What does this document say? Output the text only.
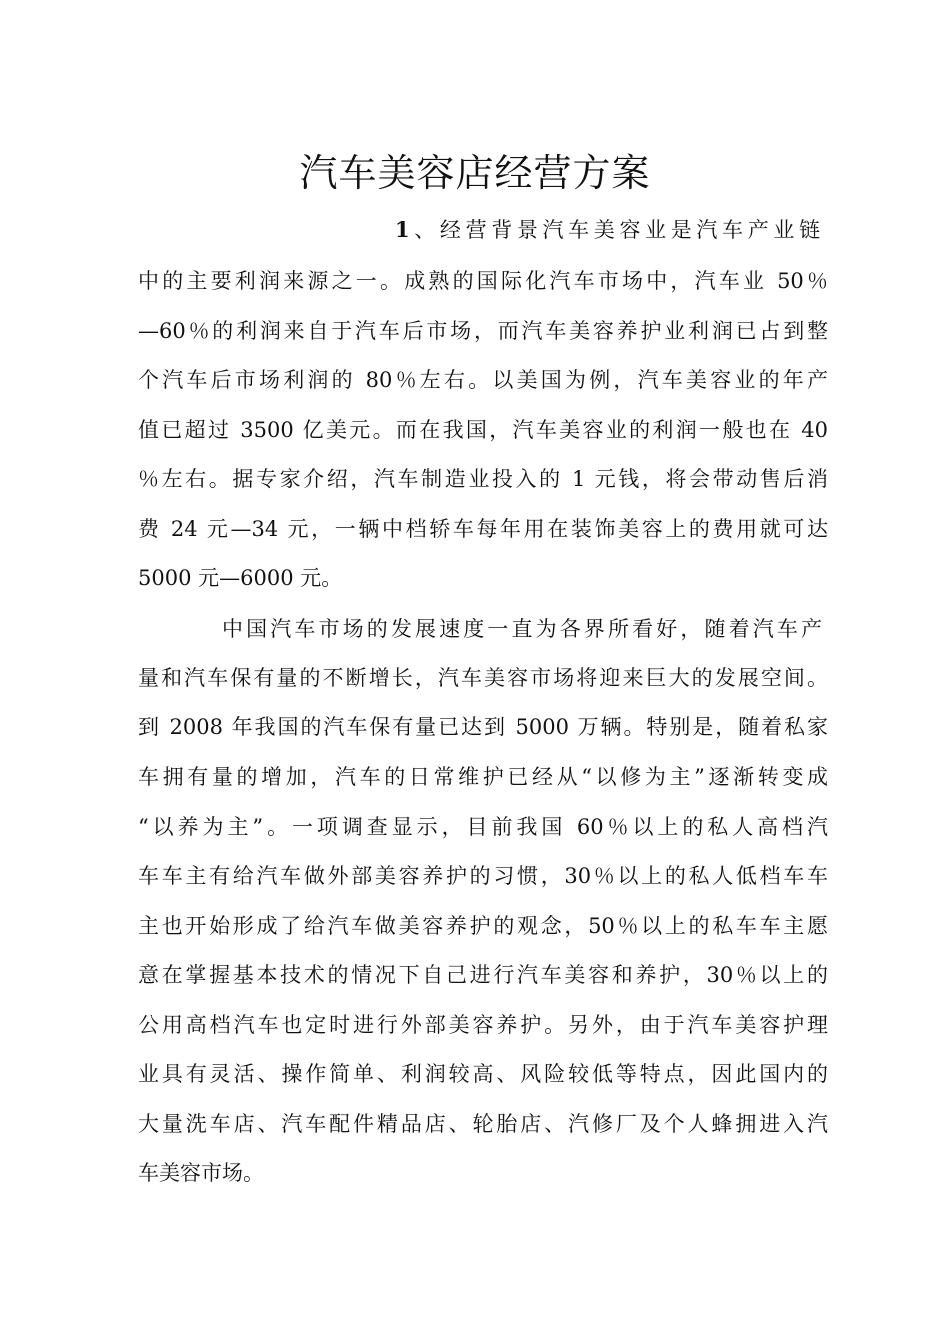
汽车美容店经营方案
1、经营背景汽车美容业是汽车产业链
中的主要利润来源之一。成熟的国际化汽车市场中，汽车业 50％
—60％的利润来自于汽车后市场，而汽车美容养护业利润已占到整
个汽车后市场利润的 80％左右。以美国为例，汽车美容业的年产
值已超过 3500 亿美元。而在我国，汽车美容业的利润一般也在 40
％左右。据专家介绍，汽车制造业投入的 1 元钱，将会带动售后消
费 24 元—34 元，一辆中档轿车每年用在装饰美容上的费用就可达
5000 元—6000 元。
中国汽车市场的发展速度一直为各界所看好，随着汽车产
量和汽车保有量的不断增长，汽车美容市场将迎来巨大的发展空间。
到 2008 年我国的汽车保有量已达到 5000 万辆。特别是，随着私家
车拥有量的增加，汽车的日常维护已经从“以修为主”逐渐转变成
“以养为主”。一项调查显示，目前我国 60％以上的私人高档汽
车车主有给汽车做外部美容养护的习惯，30％以上的私人低档车车
主也开始形成了给汽车做美容养护的观念，50％以上的私车车主愿
意在掌握基本技术的情况下自己进行汽车美容和养护，30％以上的
公用高档汽车也定时进行外部美容养护。另外，由于汽车美容护理
业具有灵活、操作简单、利润较高、风险较低等特点，因此国内的
大量洗车店、汽车配件精品店、轮胎店、汽修厂及个人蜂拥进入汽
车美容市场。
